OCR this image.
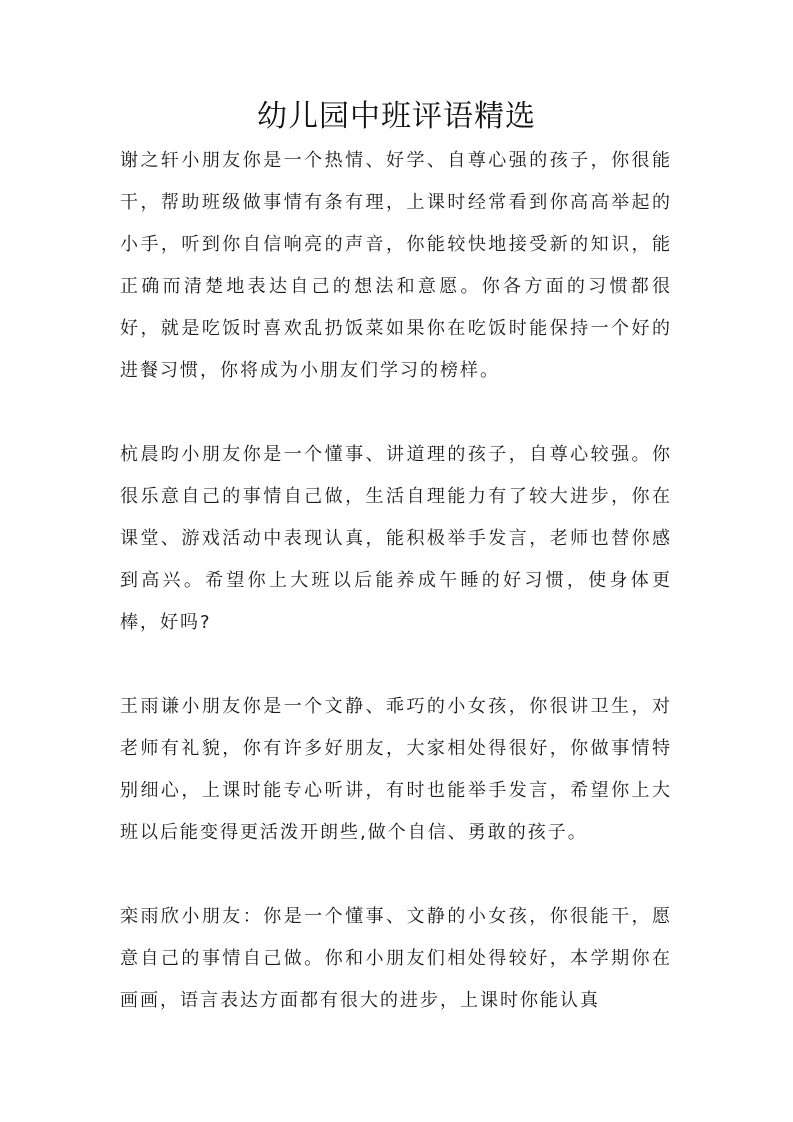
幼儿园中班评语精选

谢之轩小朋友你是一个热情、好学、自尊心强的孩子，你很能干，帮助班级做事情有条有理，上课时经常看到你高高举起的小手，听到你自信响亮的声音，你能较快地接受新的知识，能正确而清楚地表达自己的想法和意愿。你各方面的习惯都很好，就是吃饭时喜欢乱扔饭菜如果你在吃饭时能保持一个好的进餐习惯，你将成为小朋友们学习的榜样。

杭晨昀小朋友你是一个懂事、讲道理的孩子，自尊心较强。你很乐意自己的事情自己做，生活自理能力有了较大进步，你在课堂、游戏活动中表现认真，能积极举手发言，老师也替你感到高兴。希望你上大班以后能养成午睡的好习惯，使身体更棒，好吗?

王雨谦小朋友你是一个文静、乖巧的小女孩，你很讲卫生，对老师有礼貌，你有许多好朋友，大家相处得很好，你做事情特别细心，上课时能专心听讲，有时也能举手发言，希望你上大班以后能变得更活泼开朗些,做个自信、勇敢的孩子。

栾雨欣小朋友：你是一个懂事、文静的小女孩，你很能干，愿意自己的事情自己做。你和小朋友们相处得较好，本学期你在画画，语言表达方面都有很大的进步，上课时你能认真
